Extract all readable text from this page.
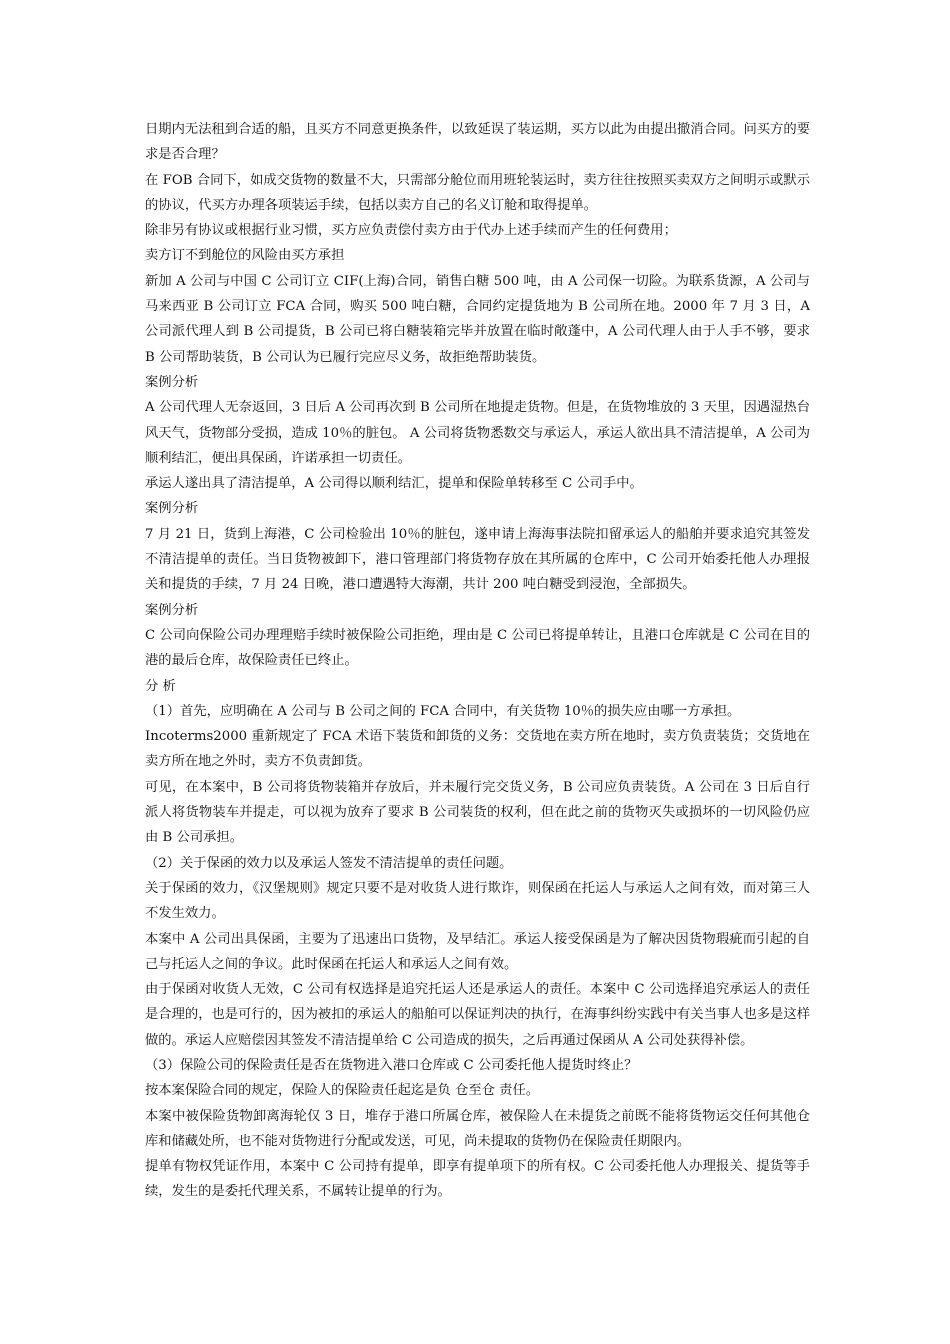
日期内无法租到合适的船，且买方不同意更换条件，以致延误了装运期，买方以此为由提出撤消合同。问买方的要求是否合理？

在 FOB 合同下，如成交货物的数量不大，只需部分舱位而用班轮装运时，卖方往往按照买卖双方之间明示或默示的协议，代买方办理各项装运手续，包括以卖方自己的名义订舱和取得提单。

除非另有协议或根据行业习惯，买方应负责偿付卖方由于代办上述手续而产生的任何费用；

卖方订不到舱位的风险由买方承担

新加 A 公司与中国 C 公司订立 CIF(上海)合同，销售白糖 500 吨，由 A 公司保一切险。为联系货源，A 公司与马来西亚 B 公司订立 FCA 合同，购买 500 吨白糖，合同约定提货地为 B 公司所在地。2000 年 7 月 3 日，A 公司派代理人到 B 公司提货，B 公司已将白糖装箱完毕并放置在临时敞蓬中，A 公司代理人由于人手不够，要求 B 公司帮助装货，B 公司认为已履行完应尽义务，故拒绝帮助装货。

案例分析

A 公司代理人无奈返回，3 日后 A 公司再次到 B 公司所在地提走货物。但是，在货物堆放的 3 天里，因遇湿热台风天气，货物部分受损，造成 10％的脏包。 A 公司将货物悉数交与承运人，承运人欲出具不清洁提单，A 公司为顺利结汇，便出具保函，许诺承担一切责任。

承运人遂出具了清洁提单，A 公司得以顺利结汇，提单和保险单转移至 C 公司手中。

案例分析

7 月 21 日，货到上海港，C 公司检验出 10％的脏包，遂申请上海海事法院扣留承运人的船舶并要求追究其签发不清洁提单的责任。当日货物被卸下，港口管理部门将货物存放在其所属的仓库中，C 公司开始委托他人办理报关和提货的手续，7 月 24 日晚，港口遭遇特大海潮，共计 200 吨白糖受到浸泡，全部损失。

案例分析

C 公司向保险公司办理理赔手续时被保险公司拒绝，理由是 C 公司已将提单转让，且港口仓库就是 C 公司在目的港的最后仓库，故保险责任已终止。

分 析

（1）首先，应明确在 A 公司与 B 公司之间的 FCA 合同中，有关货物 10％的损失应由哪一方承担。

Incoterms2000 重新规定了 FCA 术语下装货和卸货的义务：交货地在卖方所在地时，卖方负责装货；交货地在卖方所在地之外时，卖方不负责卸货。

可见，在本案中，B 公司将货物装箱并存放后，并未履行完交货义务，B 公司应负责装货。A 公司在 3 日后自行派人将货物装车并提走，可以视为放弃了要求 B 公司装货的权利，但在此之前的货物灭失或损坏的一切风险仍应由 B 公司承担。

（2）关于保函的效力以及承运人签发不清洁提单的责任问题。

关于保函的效力，《汉堡规则》规定只要不是对收货人进行欺诈，则保函在托运人与承运人之间有效，而对第三人不发生效力。

本案中 A 公司出具保函，主要为了迅速出口货物，及早结汇。承运人接受保函是为了解决因货物瑕疵而引起的自己与托运人之间的争议。此时保函在托运人和承运人之间有效。

由于保函对收货人无效，C 公司有权选择是追究托运人还是承运人的责任。本案中 C 公司选择追究承运人的责任是合理的，也是可行的，因为被扣的承运人的船舶可以保证判决的执行，在海事纠纷实践中有关当事人也多是这样做的。承运人应赔偿因其签发不清洁提单给 C 公司造成的损失，之后再通过保函从 A 公司处获得补偿。

（3）保险公司的保险责任是否在货物进入港口仓库或 C 公司委托他人提货时终止？

按本案保险合同的规定，保险人的保险责任起迄是负 仓至仓 责任。

本案中被保险货物卸离海轮仅 3 日，堆存于港口所属仓库，被保险人在未提货之前既不能将货物运交任何其他仓库和储藏处所，也不能对货物进行分配或发送，可见，尚未提取的货物仍在保险责任期限内。

提单有物权凭证作用，本案中 C 公司持有提单，即享有提单项下的所有权。C 公司委托他人办理报关、提货等手续，发生的是委托代理关系，不属转让提单的行为。
